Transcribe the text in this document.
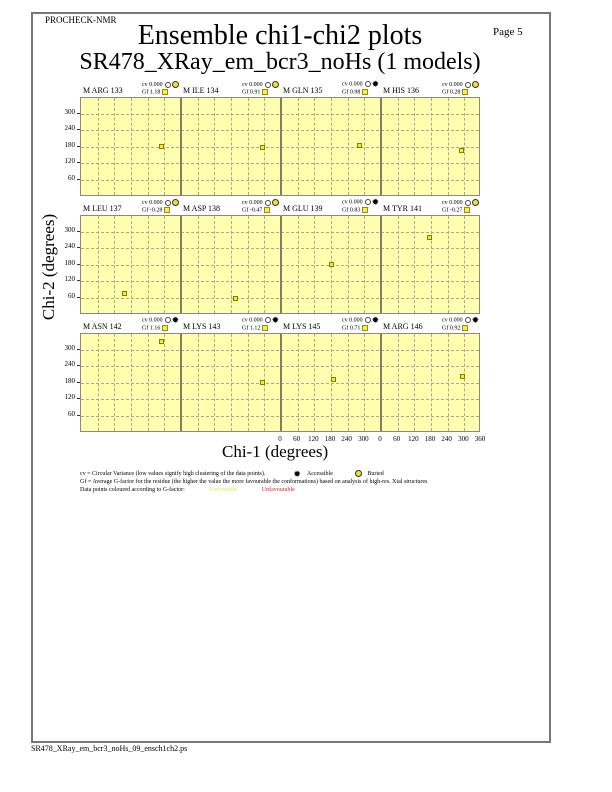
PROCHECK-NMR
Page 5
Ensemble chi1-chi2 plots
SR478_XRay_em_bcr3_noHs (1 models)
M ARG 133
cv 0.000
Gf 1.18	M ILE 134
cv 0.000
Gf 0.91	M GLN 135
cv 0.000 ✹
Gf 0.98	M HIS 136
cv 0.000
Gf 0.28
M LEU 137
cv 0.000
Gf -0.28	M ASP 138
cv 0.000
Gf -0.47	M GLU 139
cv 0.000 ✹
Gf 0.83	M TYR 141
cv 0.000
Gf -0.27
M ASN 142
cv 0.000 ✹
Gf 1.16	M LYS 143
cv 0.000 ✹
Gf 1.12	M LYS 145
cv 0.000 ✹
Gf 0.71	M ARG 146
cv 0.000 ✹
Gf 0.92
60
120
180
240
300
60
120
180
240
300
60
120
180
240
300
0	60	120 180 240 300	0	60	120 180 240 300 360
Chi-2 (degrees)
Chi-1 (degrees)
cv = Circular Variance (low values signify high clustering of the data points).	✹ Accessible	Buried
Gf = Average G-factor for the residue (the higher the value the more favourable the conformations) based on analysis of high-res. Xtal structures
Data points coloured according to G-factor:	Favourable	Unfavourable
SR478_XRay_em_bcr3_noHs_09_ensch1ch2.ps
